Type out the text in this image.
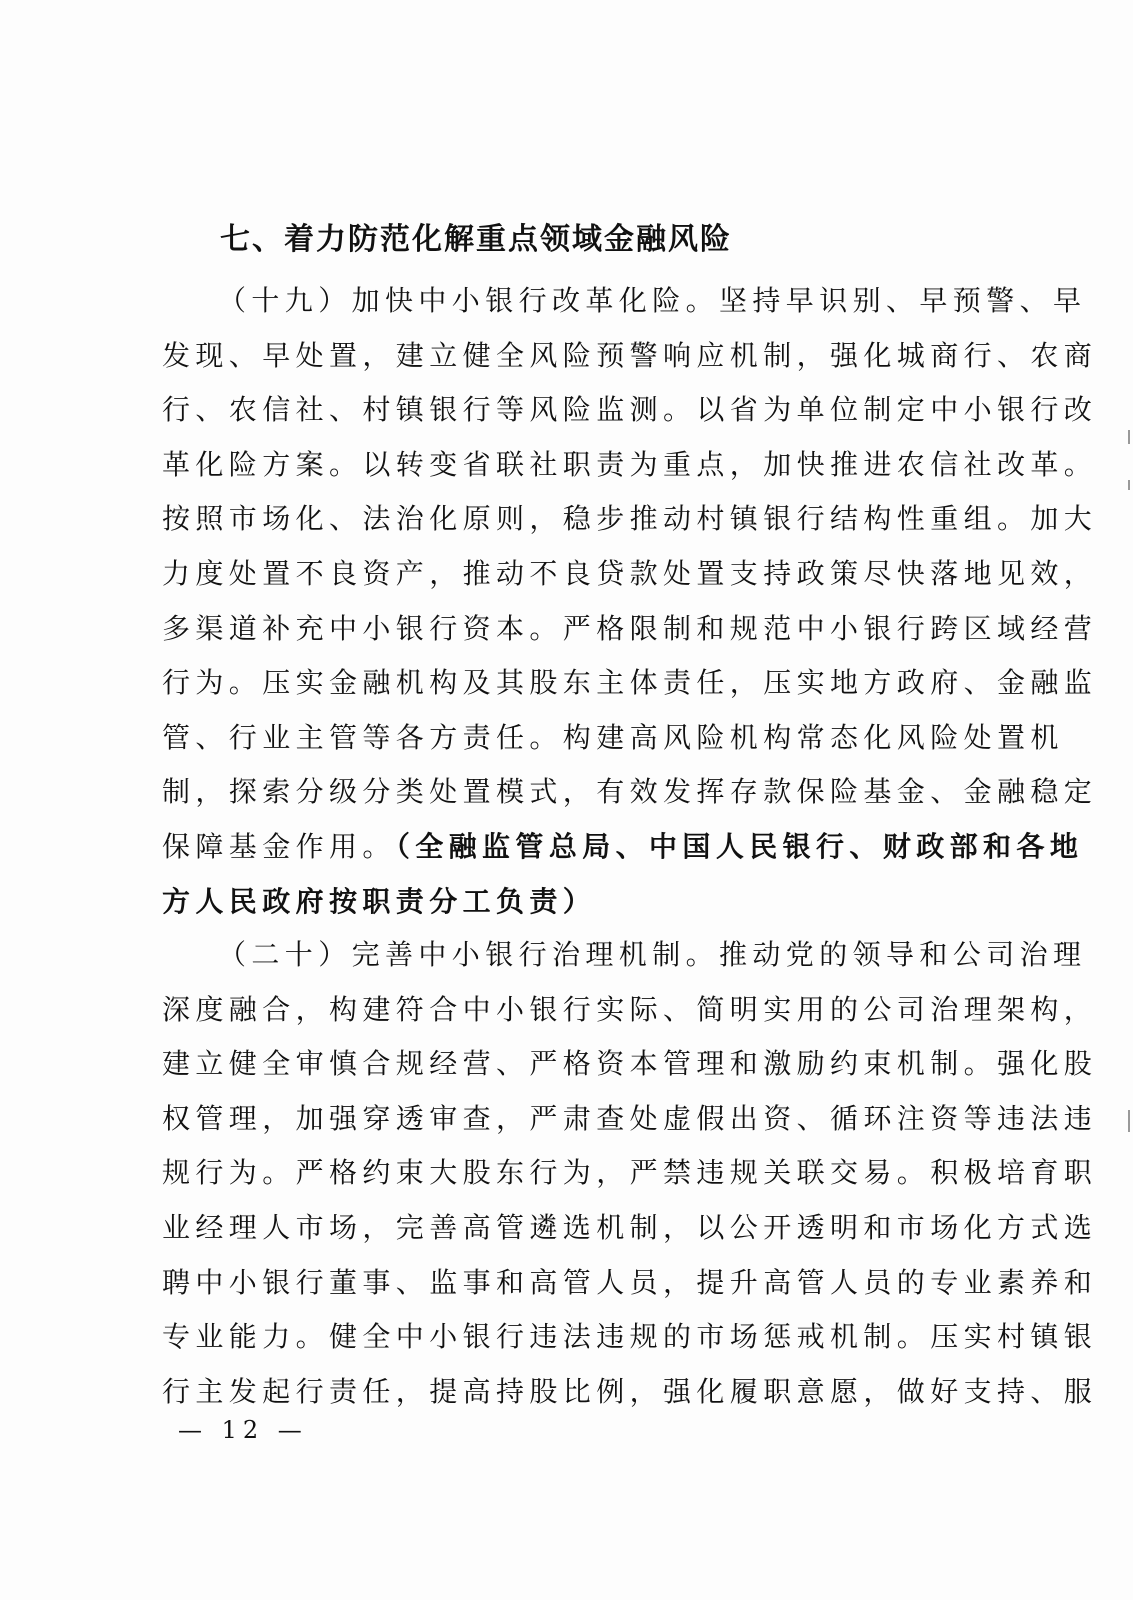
七、着力防范化解重点领域金融风险
（十九）加快中小银行改革化险。坚持早识别、早预警、早
发现、早处置，建立健全风险预警响应机制，强化城商行、农商
行、农信社、村镇银行等风险监测。以省为单位制定中小银行改
革化险方案。以转变省联社职责为重点，加快推进农信社改革。
按照市场化、法治化原则，稳步推动村镇银行结构性重组。加大
力度处置不良资产，推动不良贷款处置支持政策尽快落地见效，
多渠道补充中小银行资本。严格限制和规范中小银行跨区域经营
行为。压实金融机构及其股东主体责任，压实地方政府、金融监
管、行业主管等各方责任。构建高风险机构常态化风险处置机
制，探索分级分类处置模式，有效发挥存款保险基金、金融稳定
保障基金作用。（全融监管总局、中国人民银行、财政部和各地
方人民政府按职责分工负责）
（二十）完善中小银行治理机制。推动党的领导和公司治理
深度融合，构建符合中小银行实际、简明实用的公司治理架构，
建立健全审慎合规经营、严格资本管理和激励约束机制。强化股
权管理，加强穿透审查，严肃查处虚假出资、循环注资等违法违
规行为。严格约束大股东行为，严禁违规关联交易。积极培育职
业经理人市场，完善高管遴选机制，以公开透明和市场化方式选
聘中小银行董事、监事和高管人员，提升高管人员的专业素养和
专业能力。健全中小银行违法违规的市场惩戒机制。压实村镇银
行主发起行责任，提高持股比例，强化履职意愿，做好支持、服
— 12 —
